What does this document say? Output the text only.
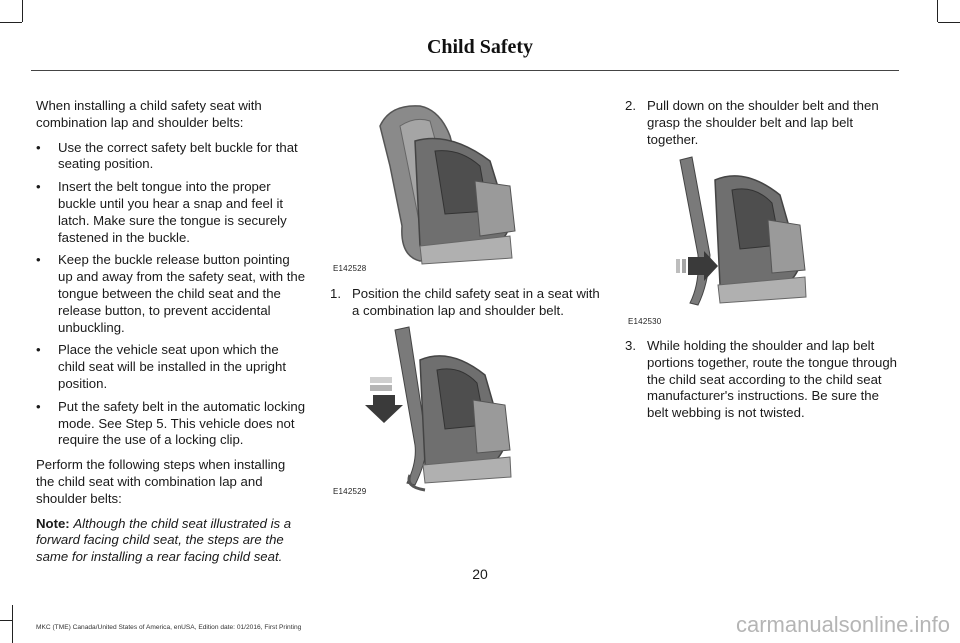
Child Safety

When installing a child safety seat with combination lap and shoulder belts:

• Use the correct safety belt buckle for that seating position.
• Insert the belt tongue into the proper buckle until you hear a snap and feel it latch. Make sure the tongue is securely fastened in the buckle.
• Keep the buckle release button pointing up and away from the safety seat, with the tongue between the child seat and the release button, to prevent accidental unbuckling.
• Place the vehicle seat upon which the child seat will be installed in the upright position.
• Put the safety belt in the automatic locking mode. See Step 5. This vehicle does not require the use of a locking clip.

Perform the following steps when installing the child seat with combination lap and shoulder belts:

Note: Although the child seat illustrated is a forward facing child seat, the steps are the same for installing a rear facing child seat.

E142528
1. Position the child safety seat in a seat with a combination lap and shoulder belt.
E142529
2. Pull down on the shoulder belt and then grasp the shoulder belt and lap belt together.
E142530
3. While holding the shoulder and lap belt portions together, route the tongue through the child seat according to the child seat manufacturer's instructions. Be sure the belt webbing is not twisted.
20
MKC (TME) Canada/United States of America, enUSA, Edition date: 01/2016, First Printing	carmanualsonline.info
